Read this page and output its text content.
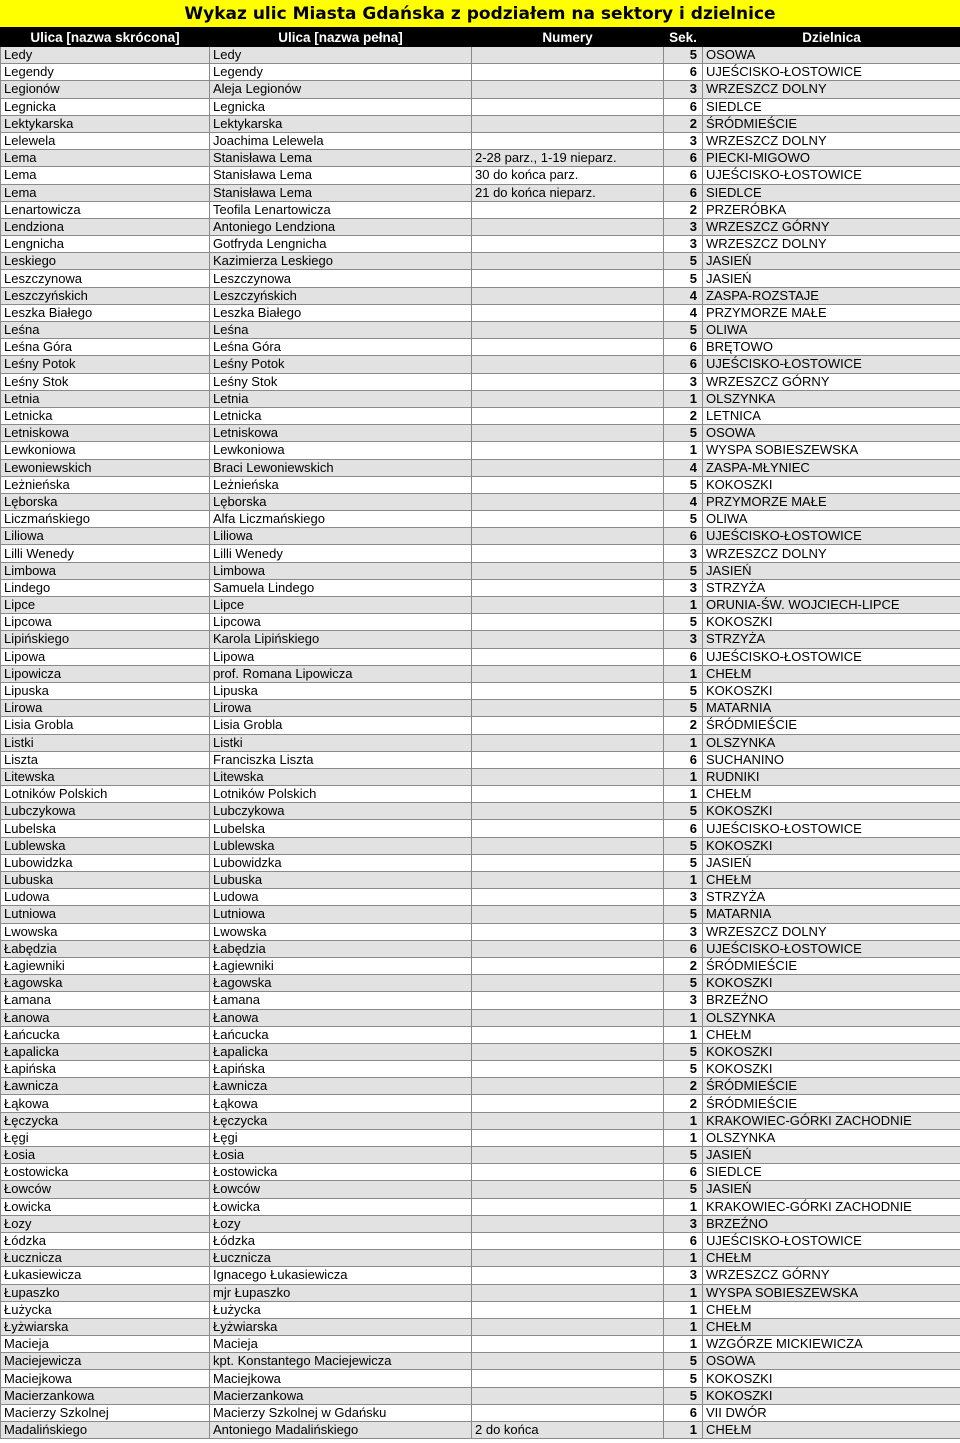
Wykaz ulic Miasta Gdańska z podziałem na sektory i dzielnice
Ulica [nazwa skrócona]	Ulica [nazwa pełna]	Numery	Sek.	Dzielnica
Ledy	Ledy		5	OSOWA
Legendy	Legendy		6	UJEŚCISKO-ŁOSTOWICE
Legionów	Aleja Legionów		3	WRZESZCZ DOLNY
Legnicka	Legnicka		6	SIEDLCE
Lektykarska	Lektykarska		2	ŚRÓDMIEŚCIE
Lelewela	Joachima Lelewela		3	WRZESZCZ DOLNY
Lema	Stanisława Lema	2-28 parz., 1-19 nieparz.	6	PIECKI-MIGOWO
Lema	Stanisława Lema	30 do końca parz.	6	UJEŚCISKO-ŁOSTOWICE
Lema	Stanisława Lema	21 do końca nieparz.	6	SIEDLCE
Lenartowicza	Teofila Lenartowicza		2	PRZERÓBKA
Lendziona	Antoniego Lendziona		3	WRZESZCZ GÓRNY
Lengnicha	Gotfryda Lengnicha		3	WRZESZCZ DOLNY
Leskiego	Kazimierza Leskiego		5	JASIEŃ
Leszczynowa	Leszczynowa		5	JASIEŃ
Leszczyńskich	Leszczyńskich		4	ZASPA-ROZSTAJE
Leszka Białego	Leszka Białego		4	PRZYMORZE MAŁE
Leśna	Leśna		5	OLIWA
Leśna Góra	Leśna Góra		6	BRĘTOWO
Leśny Potok	Leśny Potok		6	UJEŚCISKO-ŁOSTOWICE
Leśny Stok	Leśny Stok		3	WRZESZCZ GÓRNY
Letnia	Letnia		1	OLSZYNKA
Letnicka	Letnicka		2	LETNICA
Letniskowa	Letniskowa		5	OSOWA
Lewkoniowa	Lewkoniowa		1	WYSPA SOBIESZEWSKA
Lewoniewskich	Braci Lewoniewskich		4	ZASPA-MŁYNIEC
Leżnieńska	Leżnieńska		5	KOKOSZKI
Lęborska	Lęborska		4	PRZYMORZE MAŁE
Liczmańskiego	Alfa Liczmańskiego		5	OLIWA
Liliowa	Liliowa		6	UJEŚCISKO-ŁOSTOWICE
Lilli Wenedy	Lilli Wenedy		3	WRZESZCZ DOLNY
Limbowa	Limbowa		5	JASIEŃ
Lindego	Samuela Lindego		3	STRZYŻA
Lipce	Lipce		1	ORUNIA-ŚW. WOJCIECH-LIPCE
Lipcowa	Lipcowa		5	KOKOSZKI
Lipińskiego	Karola Lipińskiego		3	STRZYŻA
Lipowa	Lipowa		6	UJEŚCISKO-ŁOSTOWICE
Lipowicza	prof. Romana Lipowicza		1	CHEŁM
Lipuska	Lipuska		5	KOKOSZKI
Lirowa	Lirowa		5	MATARNIA
Lisia Grobla	Lisia Grobla		2	ŚRÓDMIEŚCIE
Listki	Listki		1	OLSZYNKA
Liszta	Franciszka Liszta		6	SUCHANINO
Litewska	Litewska		1	RUDNIKI
Lotników Polskich	Lotników Polskich		1	CHEŁM
Lubczykowa	Lubczykowa		5	KOKOSZKI
Lubelska	Lubelska		6	UJEŚCISKO-ŁOSTOWICE
Lublewska	Lublewska		5	KOKOSZKI
Lubowidzka	Lubowidzka		5	JASIEŃ
Lubuska	Lubuska		1	CHEŁM
Ludowa	Ludowa		3	STRZYŻA
Lutniowa	Lutniowa		5	MATARNIA
Lwowska	Lwowska		3	WRZESZCZ DOLNY
Łabędzia	Łabędzia		6	UJEŚCISKO-ŁOSTOWICE
Łagiewniki	Łagiewniki		2	ŚRÓDMIEŚCIE
Łagowska	Łagowska		5	KOKOSZKI
Łamana	Łamana		3	BRZEŹNO
Łanowa	Łanowa		1	OLSZYNKA
Łańcucka	Łańcucka		1	CHEŁM
Łapalicka	Łapalicka		5	KOKOSZKI
Łapińska	Łapińska		5	KOKOSZKI
Ławnicza	Ławnicza		2	ŚRÓDMIEŚCIE
Łąkowa	Łąkowa		2	ŚRÓDMIEŚCIE
Łęczycka	Łęczycka		1	KRAKOWIEC-GÓRKI ZACHODNIE
Łęgi	Łęgi		1	OLSZYNKA
Łosia	Łosia		5	JASIEŃ
Łostowicka	Łostowicka		6	SIEDLCE
Łowców	Łowców		5	JASIEŃ
Łowicka	Łowicka		1	KRAKOWIEC-GÓRKI ZACHODNIE
Łozy	Łozy		3	BRZEŹNO
Łódzka	Łódzka		6	UJEŚCISKO-ŁOSTOWICE
Łucznicza	Łucznicza		1	CHEŁM
Łukasiewicza	Ignacego Łukasiewicza		3	WRZESZCZ GÓRNY
Łupaszko	mjr Łupaszko		1	WYSPA SOBIESZEWSKA
Łużycka	Łużycka		1	CHEŁM
Łyżwiarska	Łyżwiarska		1	CHEŁM
Macieja	Macieja		1	WZGÓRZE MICKIEWICZA
Maciejewicza	kpt. Konstantego Maciejewicza		5	OSOWA
Maciejkowa	Maciejkowa		5	KOKOSZKI
Macierzankowa	Macierzankowa		5	KOKOSZKI
Macierzy Szkolnej	Macierzy Szkolnej w Gdańsku		6	VII DWÓR
Madalińskiego	Antoniego Madalińskiego	2 do końca	1	CHEŁM
